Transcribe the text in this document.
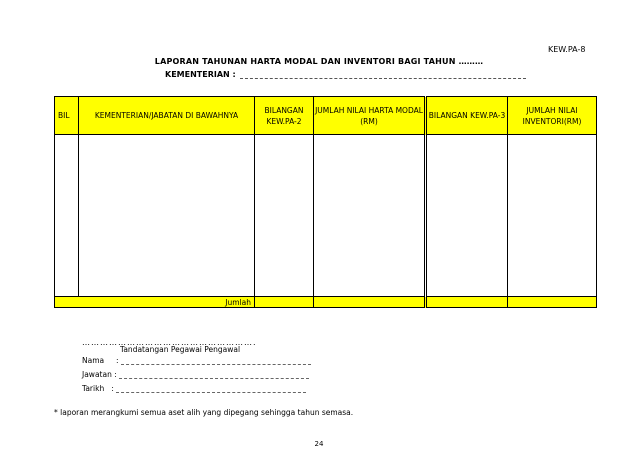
KEW.PA-8
LAPORAN TAHUNAN HARTA MODAL DAN INVENTORI BAGI TAHUN ………
KEMENTERIAN :
BIL	KEMENTERIAN/JABATAN DI BAWAHNYA	BILANGAN KEW.PA-2	JUMLAH NILAI HARTA MODAL (RM)	BILANGAN KEW.PA-3	JUMLAH NILAI INVENTORI(RM)

Jumlah					
………………………………………………….
Tandatangan Pegawai Pengawal
Nama     :
Jawatan :
Tarikh   :
* laporan merangkumi semua aset alih yang dipegang sehingga tahun semasa.
24
